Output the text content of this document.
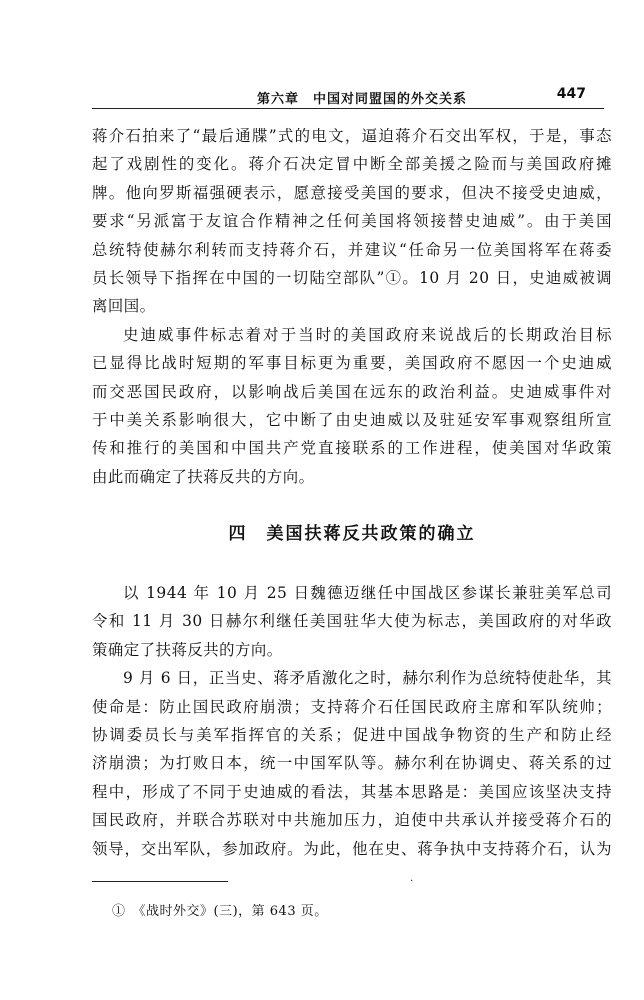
第六章　中国对同盟国的外交关系	447
蒋介石拍来了“最后通牒”式的电文，逼迫蒋介石交出军权，于是，事态
起了戏剧性的变化。蒋介石决定冒中断全部美援之险而与美国政府摊
牌。他向罗斯福强硬表示，愿意接受美国的要求，但决不接受史迪威，
要求“另派富于友谊合作精神之任何美国将领接替史迪威”。由于美国
总统特使赫尔利转而支持蒋介石，并建议“任命另一位美国将军在蒋委
员长领导下指挥在中国的一切陆空部队”①。10 月 20 日，史迪威被调
离回国。
史迪威事件标志着对于当时的美国政府来说战后的长期政治目标
已显得比战时短期的军事目标更为重要，美国政府不愿因一个史迪威
而交恶国民政府，以影响战后美国在远东的政治利益。史迪威事件对
于中美关系影响很大，它中断了由史迪威以及驻延安军事观察组所宣
传和推行的美国和中国共产党直接联系的工作进程，使美国对华政策
由此而确定了扶蒋反共的方向。
四　美国扶蒋反共政策的确立
以 1944 年 10 月 25 日魏德迈继任中国战区参谋长兼驻美军总司
令和 11 月 30 日赫尔利继任美国驻华大使为标志，美国政府的对华政
策确定了扶蒋反共的方向。
9 月 6 日，正当史、蒋矛盾激化之时，赫尔利作为总统特使赴华，其
使命是：防止国民政府崩溃；支持蒋介石任国民政府主席和军队统帅；
协调委员长与美军指挥官的关系；促进中国战争物资的生产和防止经
济崩溃；为打败日本，统一中国军队等。赫尔利在协调史、蒋关系的过
程中，形成了不同于史迪威的看法，其基本思路是：美国应该坚决支持
国民政府，并联合苏联对中共施加压力，迫使中共承认并接受蒋介石的
领导，交出军队，参加政府。为此，他在史、蒋争执中支持蒋介石，认为
·
①　《战时外交》(三)，第 643 页。
